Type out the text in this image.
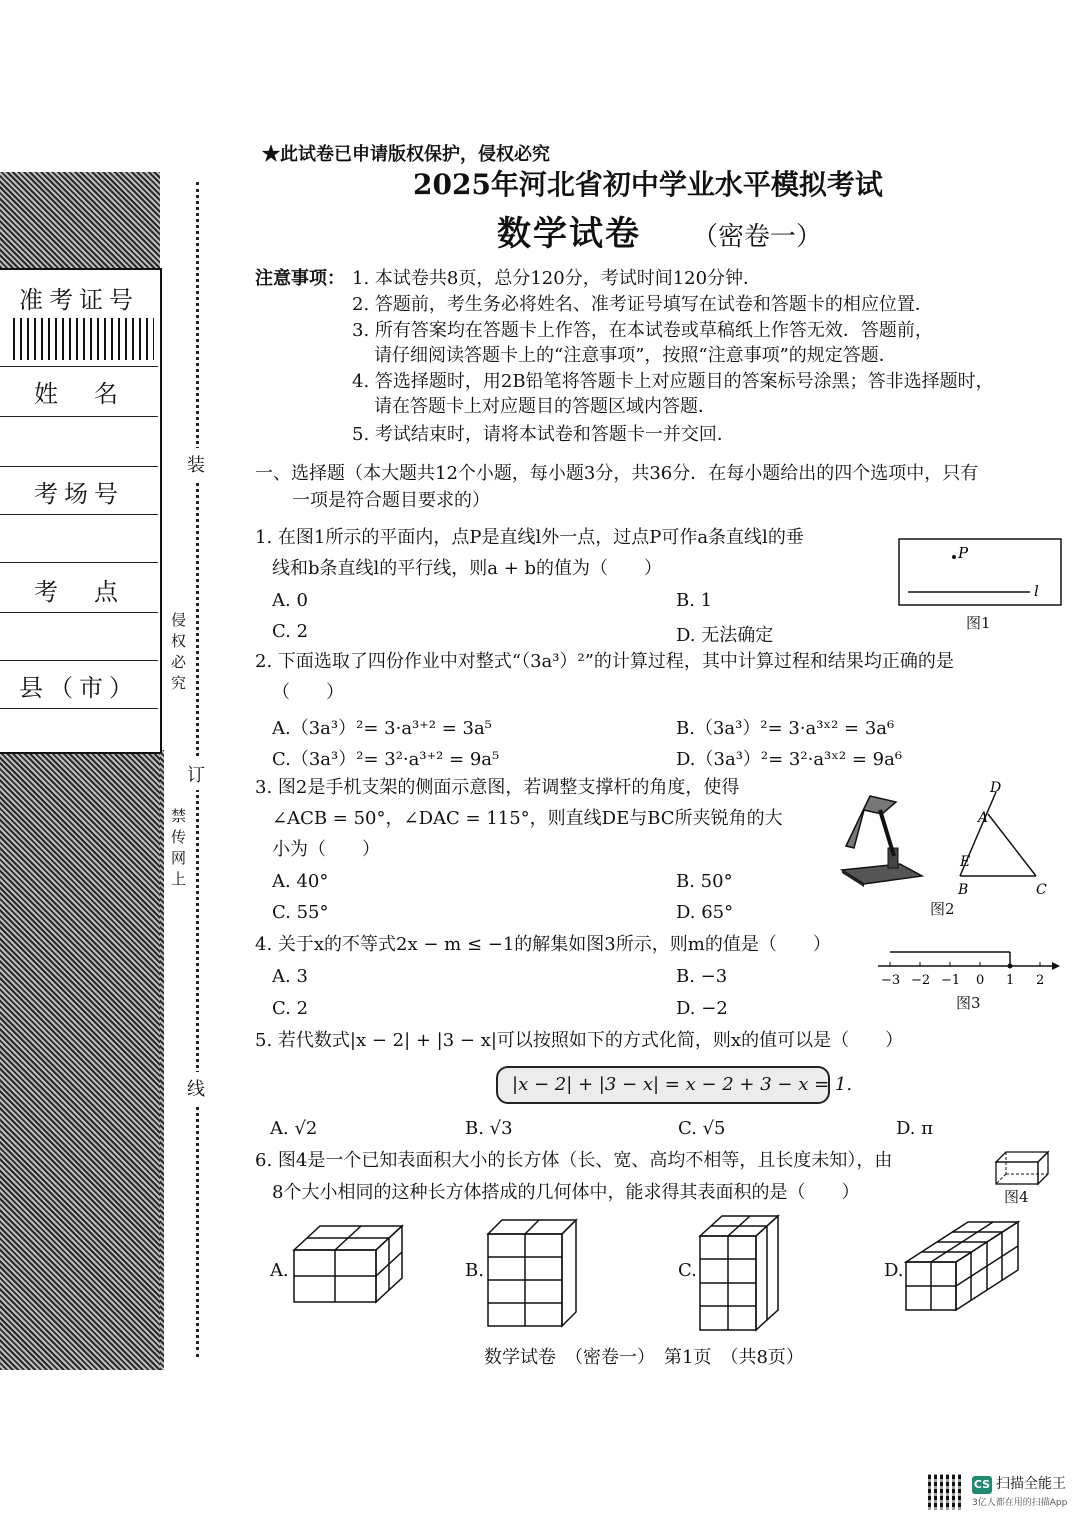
准考证号
姓　名
考场号
考　点
县（市）	侵权必究
禁传网上
装
订
线
★此试卷已申请版权保护，侵权必究
2025年河北省初中学业水平模拟考试
数学试卷 （密卷一）
注意事项： 1. 本试卷共8页，总分120分，考试时间120分钟．
2. 答题前，考生务必将姓名、准考证号填写在试卷和答题卡的相应位置．
3. 所有答案均在答题卡上作答，在本试卷或草稿纸上作答无效．答题前，
请仔细阅读答题卡上的“注意事项”，按照“注意事项”的规定答题．
4. 答选择题时，用2B铅笔将答题卡上对应题目的答案标号涂黑；答非选择题时，
请在答题卡上对应题目的答题区域内答题．
5. 考试结束时，请将本试卷和答题卡一并交回．
一、选择题（本大题共12个小题，每小题3分，共36分．在每小题给出的四个选项中，只有
一项是符合题目要求的）
1. 在图1所示的平面内，点P是直线l外一点，过点P可作a条直线l的垂
线和b条直线l的平行线，则a + b的值为（　　）
A. 0	B. 1
C. 2	D. 无法确定
P
l
图1
2. 下面选取了四份作业中对整式“（3a³）²”的计算过程，其中计算过程和结果均正确的是
（　　）
A.（3a³）²= 3·a³⁺² = 3a⁵	B.（3a³）²= 3·a³ˣ² = 3a⁶
C.（3a³）²= 3²·a³⁺² = 9a⁵	D.（3a³）²= 3²·a³ˣ² = 9a⁶
3. 图2是手机支架的侧面示意图，若调整支撑杆的角度，使得
∠ACB = 50°，∠DAC = 115°，则直线DE与BC所夹锐角的大
小为（　　）
A. 40°	B. 50°
C. 55°	D. 65°
D
A
E
B	C
图2
4. 关于x的不等式2x − m ≤ −1的解集如图3所示，则m的值是（　　）
A. 3	B. −3
C. 2	D. −2
−3 −2 −1 0 1 2
图3
5. 若代数式|x − 2| + |3 − x|可以按照如下的方式化简，则x的值可以是（　　）
|x − 2| + |3 − x| = x − 2 + 3 − x = 1.
A. √2	B. √3	C. √5	D. π
6. 图4是一个已知表面积大小的长方体（长、宽、高均不相等，且长度未知），由
8个大小相同的这种长方体搭成的几何体中，能求得其表面积的是（　　）	图4
A.	B.	C.	D.
数学试卷　（密卷一）　第1页　（共8页）
CS 扫描全能王
3亿人都在用的扫描App
